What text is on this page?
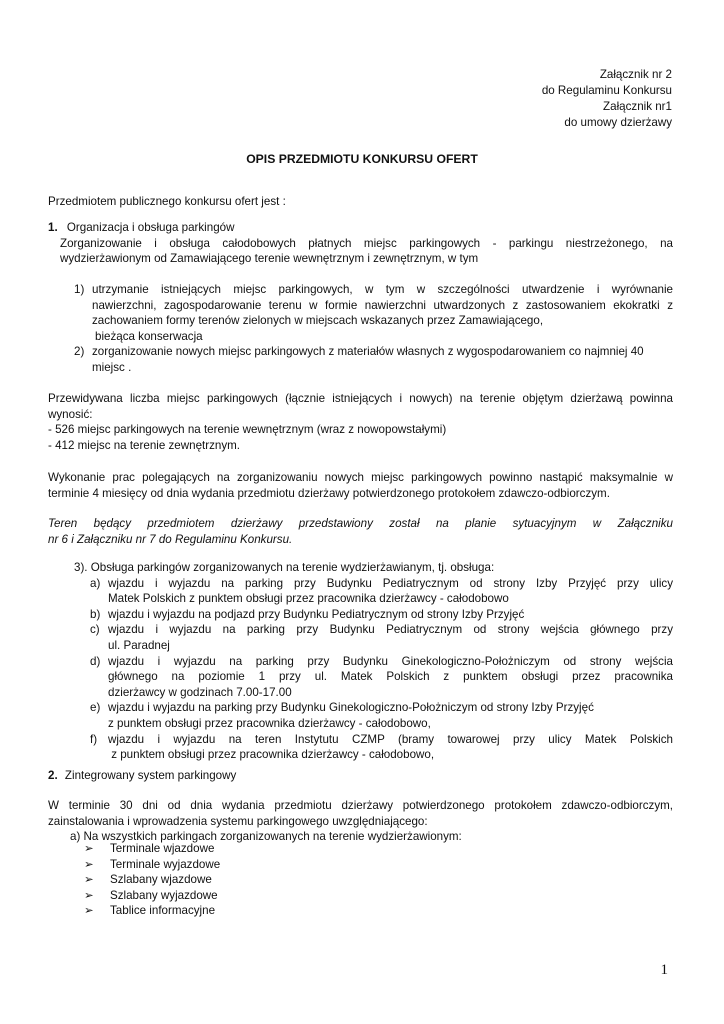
Załącznik nr 2
do Regulaminu Konkursu
Załącznik nr1
do umowy dzierżawy
OPIS PRZEDMIOTU KONKURSU OFERT
Przedmiotem publicznego konkursu ofert jest :
1. Organizacja i obsługa parkingów
Zorganizowanie i obsługa całodobowych płatnych miejsc parkingowych - parkingu niestrzeżonego, na
wydzierżawionym od Zamawiającego terenie wewnętrznym i zewnętrznym, w tym
1) utrzymanie istniejących miejsc parkingowych, w tym w szczególności utwardzenie i wyrównanie
nawierzchni, zagospodarowanie terenu w formie nawierzchni utwardzonych z zastosowaniem ekokratki z
zachowaniem formy terenów zielonych w miejscach wskazanych przez Zamawiającego,
bieżąca konserwacja
2) zorganizowanie nowych miejsc parkingowych z materiałów własnych z wygospodarowaniem co najmniej 40
miejsc .
Przewidywana liczba miejsc parkingowych (łącznie istniejących i nowych) na terenie objętym dzierżawą powinna
wynosić:
- 526 miejsc parkingowych na terenie wewnętrznym (wraz z nowopowstałymi)
- 412 miejsc na terenie zewnętrznym.
Wykonanie prac polegających na zorganizowaniu nowych miejsc parkingowych powinno nastąpić maksymalnie w
terminie 4 miesięcy od dnia wydania przedmiotu dzierżawy potwierdzonego protokołem zdawczo-odbiorczym.
Teren będący przedmiotem dzierżawy przedstawiony został na planie sytuacyjnym w Załączniku
nr 6 i Załączniku nr 7 do Regulaminu Konkursu.
3). Obsługa parkingów zorganizowanych na terenie wydzierżawianym, tj. obsługa:
a) wjazdu i wyjazdu na parking przy Budynku Pediatrycznym od strony Izby Przyjęć przy ulicy
Matek Polskich z punktem obsługi przez pracownika dzierżawcy - całodobowo
b) wjazdu i wyjazdu na podjazd przy Budynku Pediatrycznym od strony Izby Przyjęć
c) wjazdu i wyjazdu na parking przy Budynku Pediatrycznym od strony wejścia głównego przy
ul. Paradnej
d) wjazdu i wyjazdu na parking przy Budynku Ginekologiczno-Położniczym od strony wejścia
głównego na poziomie 1 przy ul. Matek Polskich z punktem obsługi przez pracownika
dzierżawcy w godzinach 7.00-17.00
e) wjazdu i wyjazdu na parking przy Budynku Ginekologiczno-Położniczym od strony Izby Przyjęć
z punktem obsługi przez pracownika dzierżawcy - całodobowo,
f) wjazdu i wyjazdu na teren Instytutu CZMP (bramy towarowej przy ulicy Matek Polskich
z punktem obsługi przez pracownika dzierżawcy - całodobowo,
2. Zintegrowany system parkingowy
W terminie 30 dni od dnia wydania przedmiotu dzierżawy potwierdzonego protokołem zdawczo-odbiorczym,
zainstalowania i wprowadzenia systemu parkingowego uwzględniającego:
a) Na wszystkich parkingach zorganizowanych na terenie wydzierżawionym:
➢ Terminale wjazdowe
➢ Terminale wyjazdowe
➢ Szlabany wjazdowe
➢ Szlabany wyjazdowe
➢ Tablice informacyjne
1
